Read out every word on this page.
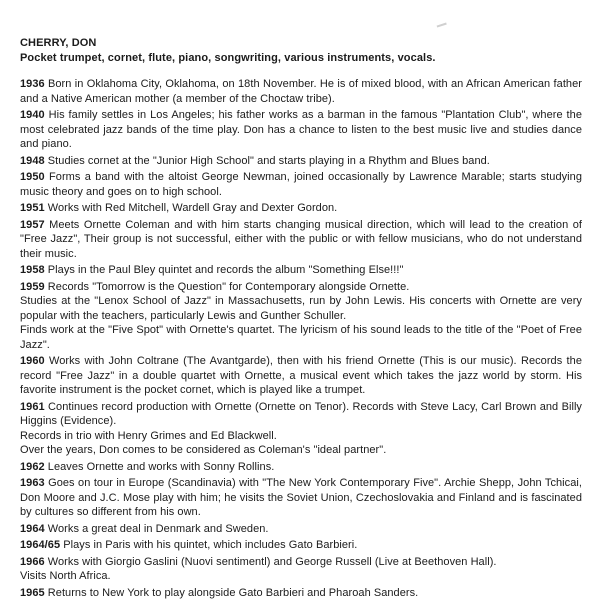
CHERRY, DON

Pocket trumpet, cornet, flute, piano, songwriting, various instruments, vocals.

1936 Born in Oklahoma City, Oklahoma, on 18th November. He is of mixed blood, with an African American father and a Native American mother (a member of the Choctaw tribe).

1940 His family settles in Los Angeles; his father works as a barman in the famous "Plantation Club", where the most celebrated jazz bands of the time play. Don has a chance to listen to the best music live and studies dance and piano.

1948 Studies cornet at the "Junior High School" and starts playing in a Rhythm and Blues band.

1950 Forms a band with the altoist George Newman, joined occasionally by Lawrence Marable; starts studying music theory and goes on to high school.

1951 Works with Red Mitchell, Wardell Gray and Dexter Gordon.

1957 Meets Ornette Coleman and with him starts changing musical direction, which will lead to the creation of "Free Jazz", Their group is not successful, either with the public or with fellow musicians, who do not understand their music.

1958 Plays in the Paul Bley quintet and records the album "Something Else!!!"

1959 Records "Tomorrow is the Question" for Contemporary alongside Ornette.

Studies at the "Lenox School of Jazz" in Massachusetts, run by John Lewis. His concerts with Ornette are very popular with the teachers, particularly Lewis and Gunther Schuller.

Finds work at the "Five Spot" with Ornette's quartet. The lyricism of his sound leads to the title of the "Poet of Free Jazz".

1960 Works with John Coltrane (The Avantgarde), then with his friend Ornette (This is our music). Records the record "Free Jazz" in a double quartet with Ornette, a musical event which takes the jazz world by storm. His favorite instrument is the pocket cornet, which is played like a trumpet.

1961 Continues record production with Ornette (Ornette on Tenor). Records with Steve Lacy, Carl Brown and Billy Higgins (Evidence).

Records in trio with Henry Grimes and Ed Blackwell.

Over the years, Don comes to be considered as Coleman's "ideal partner".

1962 Leaves Ornette and works with Sonny Rollins.

1963 Goes on tour in Europe (Scandinavia) with "The New York Contemporary Five". Archie Shepp, John Tchicai, Don Moore and J.C. Mose play with him; he visits the Soviet Union, Czechoslovakia and Finland and is fascinated by cultures so different from his own.

1964 Works a great deal in Denmark and Sweden.

1964/65 Plays in Paris with his quintet, which includes Gato Barbieri.

1966 Works with Giorgio Gaslini (Nuovi sentimentl) and George Russell (Live at Beethoven Hall).

Visits North Africa.

1965 Returns to New York to play alongside Gato Barbieri and Pharoah Sanders.
